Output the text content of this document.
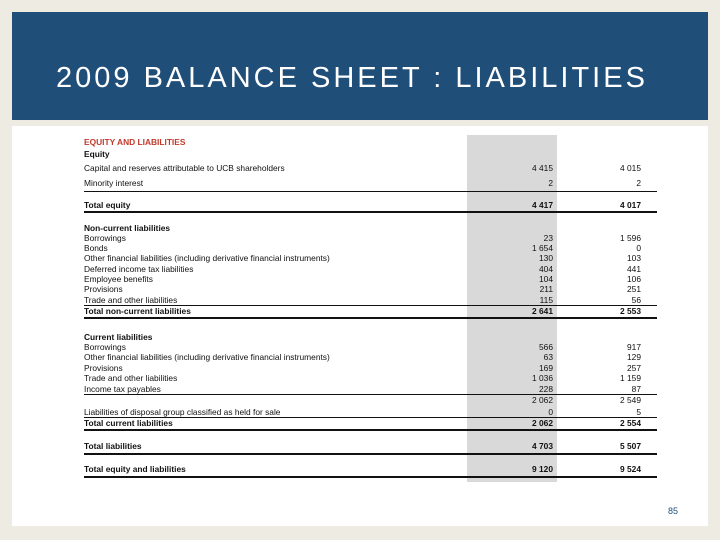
2009 BALANCE SHEET : LIABILITIES
EQUITY AND LIABILITIES
Equity
Capital and reserves attributable to UCB shareholders	4 415	4 015
Minority interest	2	2
Total equity	4 417	4 017
Non-current liabilities
Borrowings	23	1 596
Bonds	1 654	0
Other financial liabilities (including derivative financial instruments)	130	103
Deferred income tax liabilities	404	441
Employee benefits	104	106
Provisions	211	251
Trade and other liabilities	115	56
Total non-current liabilities	2 641	2 553
Current liabilities
Borrowings	566	917
Other financial liabilities (including derivative financial instruments)	63	129
Provisions	169	257
Trade and other liabilities	1 036	1 159
Income tax payables	228	87
2 062	2 549
Liabilities of disposal group classified as held for sale	0	5
Total current liabilities	2 062	2 554
Total liabilities	4 703	5 507
Total equity and liabilities	9 120	9 524
85
